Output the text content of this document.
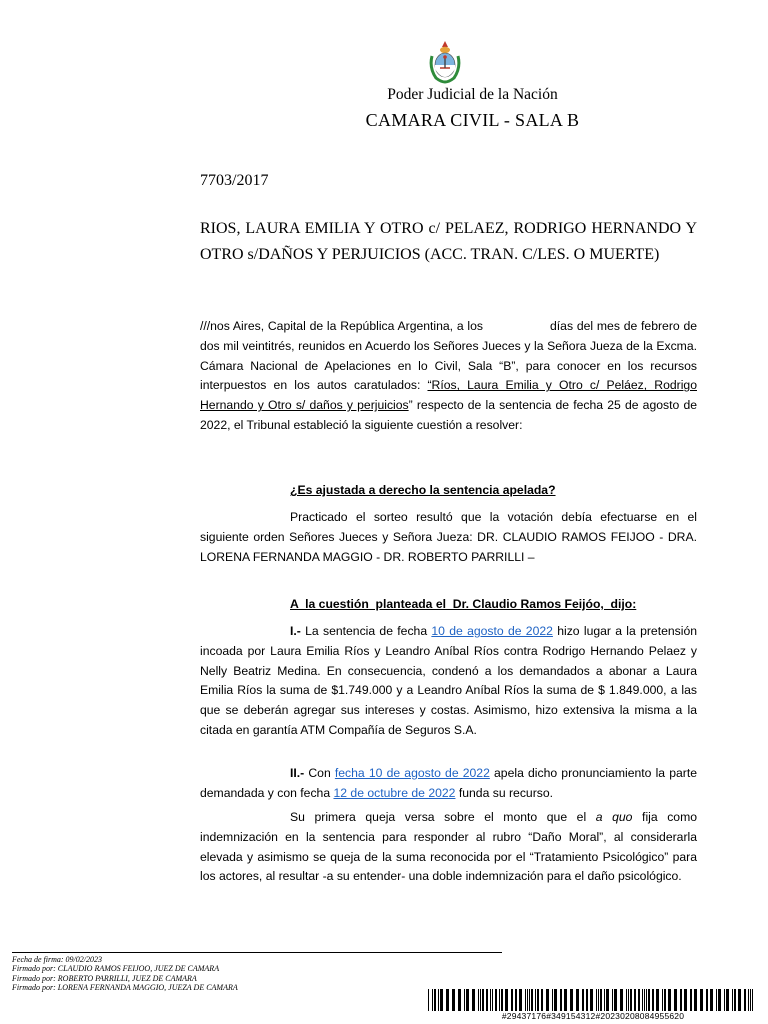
Poder Judicial de la Nación
CAMARA CIVIL - SALA B
7703/2017
RIOS, LAURA EMILIA Y OTRO c/ PELAEZ, RODRIGO HERNANDO Y OTRO s/DAÑOS Y PERJUICIOS (ACC. TRAN. C/LES. O MUERTE)
///nos Aires, Capital de la República Argentina, a los	días del mes de febrero de dos mil veintitrés, reunidos en Acuerdo los Señores Jueces y la Señora Jueza de la Excma. Cámara Nacional de Apelaciones en lo Civil, Sala “B”, para conocer en los recursos interpuestos en los autos caratulados: “Ríos, Laura Emilia y Otro c/ Peláez, Rodrigo Hernando y Otro s/ daños y perjuicios” respecto de la sentencia de fecha 25 de agosto de 2022, el Tribunal estableció la siguiente cuestión a resolver:
¿Es ajustada a derecho la sentencia apelada?
Practicado el sorteo resultó que la votación debía efectuarse en el siguiente orden Señores Jueces y Señora Jueza: DR. CLAUDIO RAMOS FEIJOO - DRA. LORENA FERNANDA MAGGIO - DR. ROBERTO PARRILLI –
A  la cuestión  planteada el  Dr. Claudio Ramos Feijóo,  dijo:
I.- La sentencia de fecha 10 de agosto de 2022 hizo lugar a la pretensión incoada por Laura Emilia Ríos y Leandro Aníbal Ríos contra Rodrigo Hernando Pelaez y Nelly Beatriz Medina. En consecuencia, condenó a los demandados a abonar a Laura Emilia Ríos la suma de $1.749.000 y a Leandro Aníbal Ríos la suma de $ 1.849.000, a las que se deberán agregar sus intereses y costas. Asimismo, hizo extensiva la misma a la citada en garantía ATM Compañía de Seguros S.A.
II.- Con fecha 10 de agosto de 2022 apela dicho pronunciamiento la parte demandada y con fecha 12 de octubre de 2022 funda su recurso.
Su primera queja versa sobre el monto que el a quo fija como indemnización en la sentencia para responder al rubro “Daño Moral”, al considerarla elevada y asimismo se queja de la suma reconocida por el “Tratamiento Psicológico” para los actores, al resultar -a su entender- una doble indemnización para el daño psicológico.
Fecha de firma: 09/02/2023
Firmado por: CLAUDIO RAMOS FEIJOO, JUEZ DE CAMARA
Firmado por: ROBERTO PARRILLI, JUEZ DE CAMARA
Firmado por: LORENA FERNANDA MAGGIO, JUEZA DE CAMARA
#29437176#349154312#20230208084955620
